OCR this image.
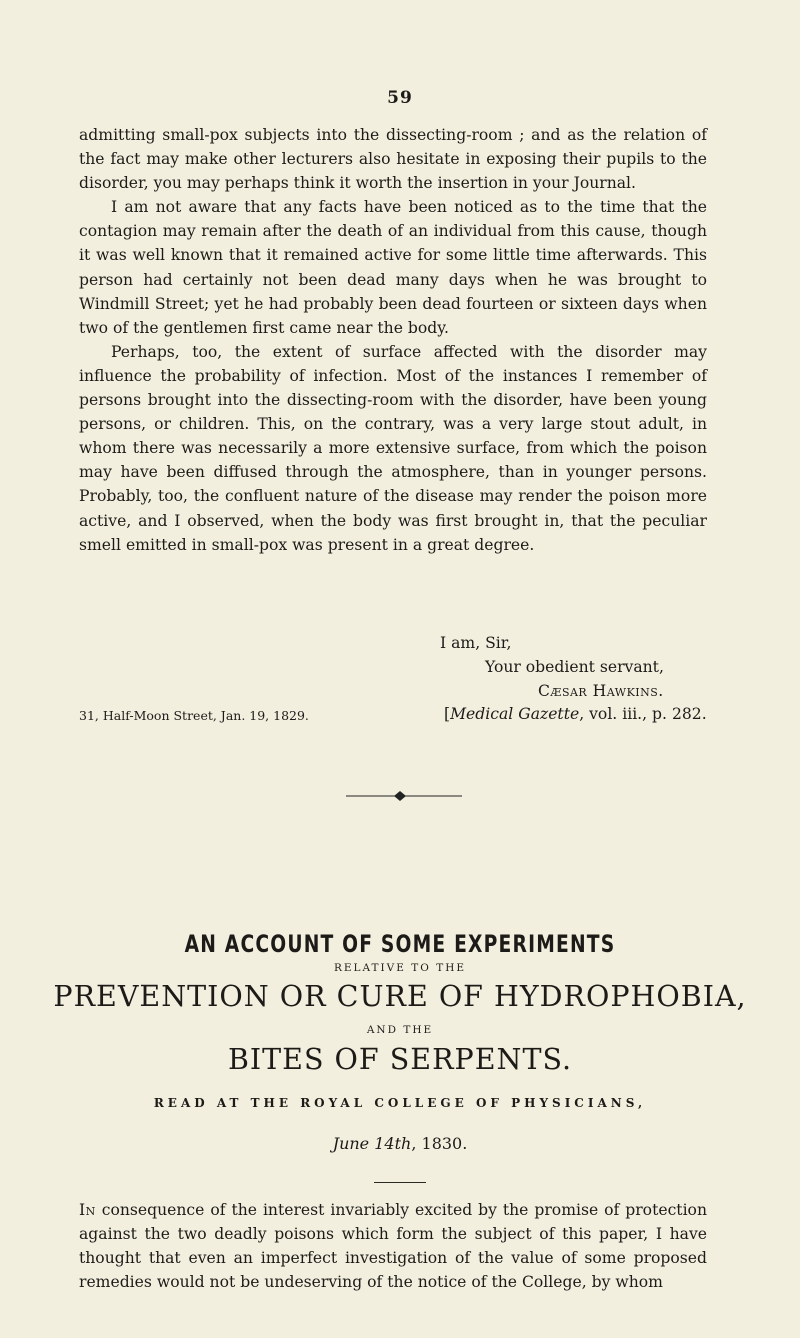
59

admitting small-pox subjects into the dissecting-room ; and as the relation of the fact may make other lecturers also hesitate in exposing their pupils to the disorder, you may perhaps think it worth the insertion in your Journal.

I am not aware that any facts have been noticed as to the time that the contagion may remain after the death of an individual from this cause, though it was well known that it remained active for some little time afterwards. This person had certainly not been dead many days when he was brought to Windmill Street; yet he had probably been dead fourteen or sixteen days when two of the gentlemen first came near the body.

Perhaps, too, the extent of surface affected with the disorder may influence the probability of infection. Most of the instances I remember of persons brought into the dissecting-room with the disorder, have been young persons, or children. This, on the contrary, was a very large stout adult, in whom there was necessarily a more extensive surface, from which the poison may have been diffused through the atmosphere, than in younger persons. Probably, too, the confluent nature of the disease may render the poison more active, and I observed, when the body was first brought in, that the peculiar smell emitted in small-pox was present in a great degree.

I am, Sir,
Your obedient servant,
Cæsar Hawkins.
31, Half-Moon Street, Jan. 19, 1829.	[Medical Gazette, vol. iii., p. 282.
AN ACCOUNT OF SOME EXPERIMENTS
RELATIVE TO THE
PREVENTION OR CURE OF HYDROPHOBIA,
AND THE
BITES OF SERPENTS.
READ AT THE ROYAL COLLEGE OF PHYSICIANS,
June 14th, 1830.

In consequence of the interest invariably excited by the promise of protection against the two deadly poisons which form the subject of this paper, I have thought that even an imperfect investigation of the value of some proposed remedies would not be undeserving of the notice of the College, by whom
